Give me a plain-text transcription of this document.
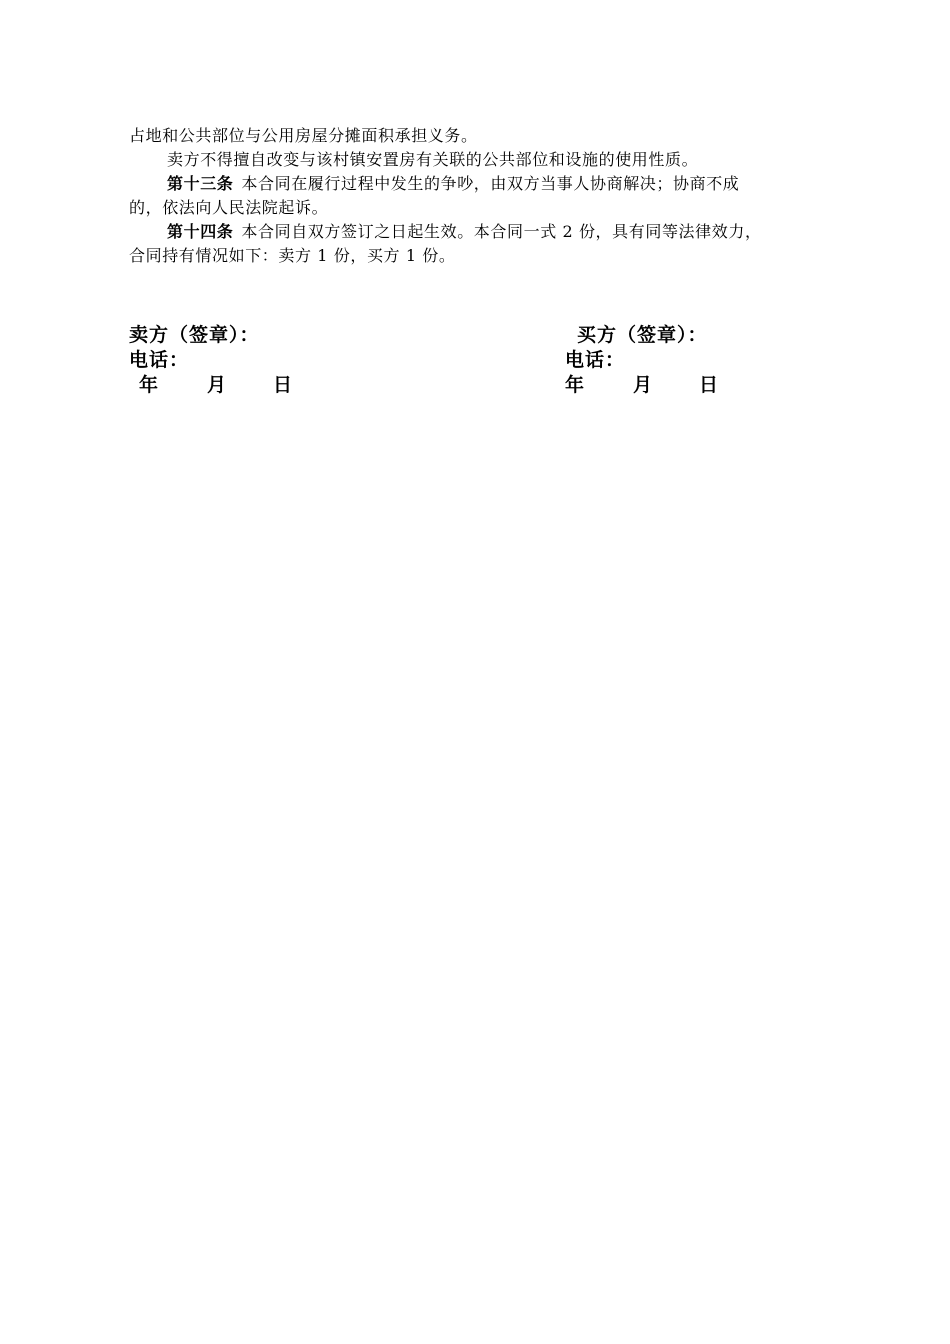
占地和公共部位与公用房屋分摊面积承担义务。
卖方不得擅自改变与该村镇安置房有关联的公共部位和设施的使用性质。
第十三条 本合同在履行过程中发生的争吵，由双方当事人协商解决；协商不成
的，依法向人民法院起诉。
第十四条 本合同自双方签订之日起生效。本合同一式 2 份，具有同等法律效力，
合同持有情况如下：卖方 1 份，买方 1 份。
卖方（签章）：
电话：
年	月	日
买方（签章）：
电话：
年	月	日
